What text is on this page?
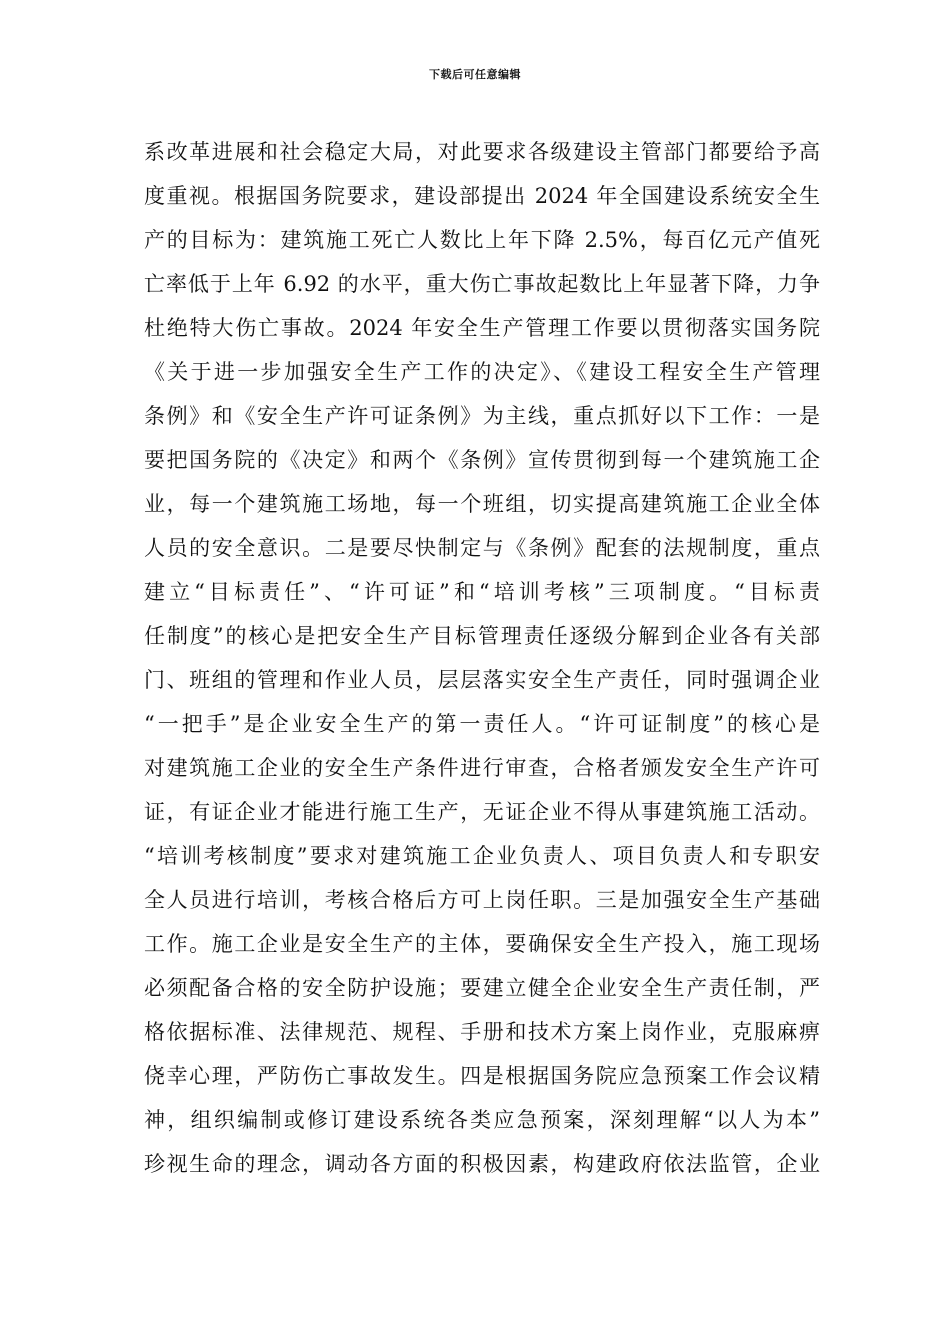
下载后可任意编辑
系改革进展和社会稳定大局，对此要求各级建设主管部门都要给予高
度重视。根据国务院要求，建设部提出 2024 年全国建设系统安全生
产的目标为：建筑施工死亡人数比上年下降 2.5%，每百亿元产值死
亡率低于上年 6.92 的水平，重大伤亡事故起数比上年显著下降，力争
杜绝特大伤亡事故。2024 年安全生产管理工作要以贯彻落实国务院
《关于进一步加强安全生产工作的决定》、《建设工程安全生产管理
条例》和《安全生产许可证条例》为主线，重点抓好以下工作：一是
要把国务院的《决定》和两个《条例》宣传贯彻到每一个建筑施工企
业，每一个建筑施工场地，每一个班组，切实提高建筑施工企业全体
人员的安全意识。二是要尽快制定与《条例》配套的法规制度，重点
建立“目标责任”、“许可证”和“培训考核”三项制度。“目标责
任制度”的核心是把安全生产目标管理责任逐级分解到企业各有关部
门、班组的管理和作业人员，层层落实安全生产责任，同时强调企业
“一把手”是企业安全生产的第一责任人。“许可证制度”的核心是
对建筑施工企业的安全生产条件进行审查，合格者颁发安全生产许可
证，有证企业才能进行施工生产，无证企业不得从事建筑施工活动。
“培训考核制度”要求对建筑施工企业负责人、项目负责人和专职安
全人员进行培训，考核合格后方可上岗任职。三是加强安全生产基础
工作。施工企业是安全生产的主体，要确保安全生产投入，施工现场
必须配备合格的安全防护设施；要建立健全企业安全生产责任制，严
格依据标准、法律规范、规程、手册和技术方案上岗作业，克服麻痹
侥幸心理，严防伤亡事故发生。四是根据国务院应急预案工作会议精
神，组织编制或修订建设系统各类应急预案，深刻理解“以人为本”
珍视生命的理念，调动各方面的积极因素，构建政府依法监管，企业
